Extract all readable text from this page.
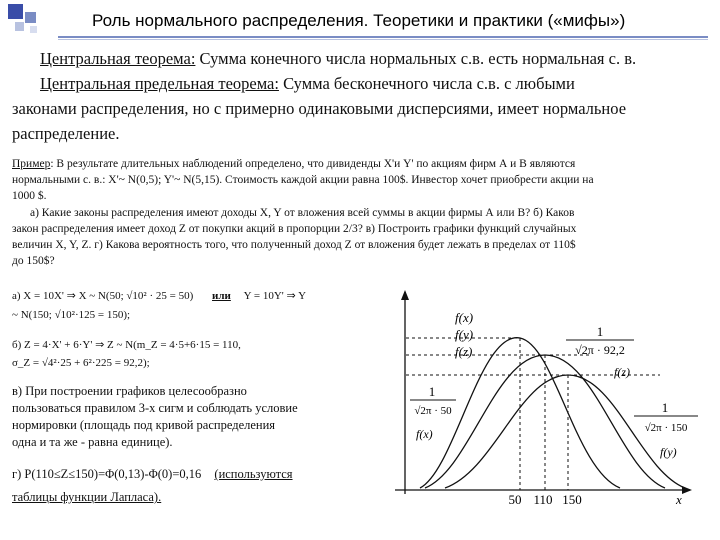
Роль нормального распределения. Теоретики и практики («мифы»)
Центральная теорема: Сумма конечного числа нормальных с.в. есть нормальная с. в.
Центральная предельная теорема: Сумма бесконечного числа с.в. с любыми
законами распределения, но с примерно одинаковыми дисперсиями, имеет нормальное
распределение.
Пример: В результате длительных наблюдений определено, что дивиденды X'и Y' по акциям фирм А и В являются
нормальными с. в.: X'~ N(0,5); Y'~ N(5,15). Стоимость каждой акции равна 100$. Инвестор хочет приобрести акции на
1000 $.
а) Какие законы распределения имеют доходы X, Y от вложения всей суммы в акции фирмы А или В? б) Каков
закон распределения имеет доход Z от покупки акций в пропорции 2/3? в) Построить графики функций случайных
величин X, Y, Z. г) Какова вероятность того, что полученный доход Z от вложения будет лежать в пределах от 110$
до 150$?
а) X = 10X' ⇒ X ~ N(50; √10² · 25 = 50) или Y = 10Y' ⇒ Y
~ N(150; √10²·125 = 150);
б) Z = 4·X' + 6·Y' ⇒ Z ~ N(m_Z = 4·5+6·15 = 110,
σ_Z = √4²·25 + 6²·225 = 92,2);
в) При построении графиков целесообразно
пользоваться правилом 3-х сигм и соблюдать условие
нормировки (площадь под кривой распределения
одна и та же - равна единице).
г) P(110≤Z≤150)=Φ(0,13)-Φ(0)=0,16 (используются
таблицы функции Лапласа).
1
√2π · 92,2
1
√2π · 50	1
√2π · 150
f(x)
f(y)
f(z)
f(z)
f(x)
f(y)
50 110 150	x
